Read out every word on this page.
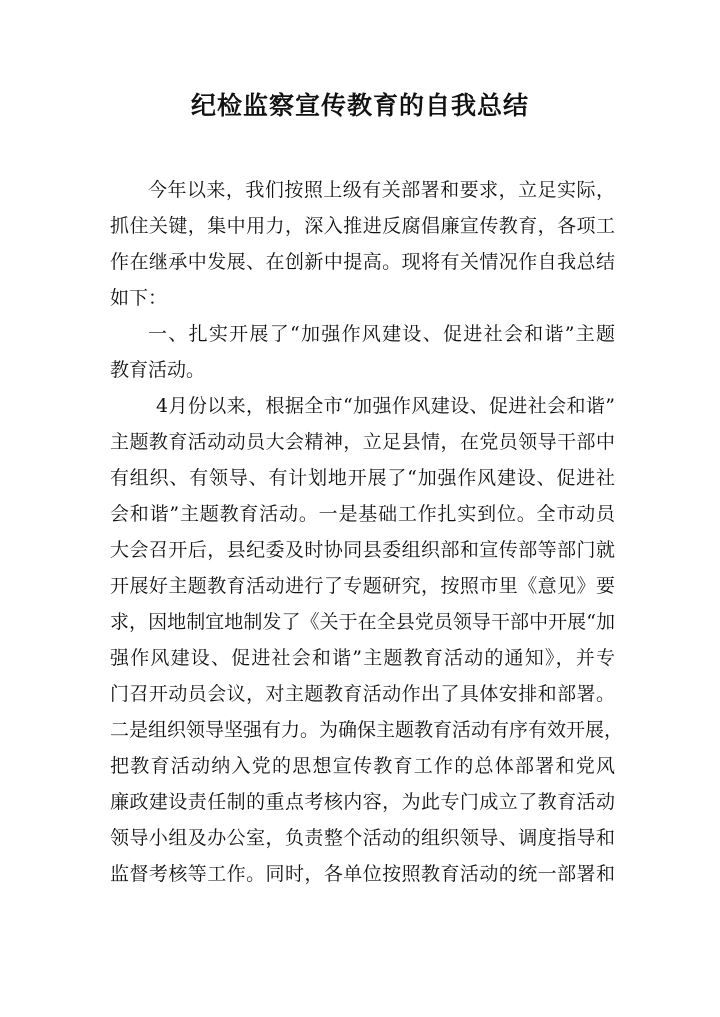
纪检监察宣传教育的自我总结
今年以来，我们按照上级有关部署和要求，立足实际，
抓住关键，集中用力，深入推进反腐倡廉宣传教育，各项工
作在继承中发展、在创新中提高。现将有关情况作自我总结
如下：
一、扎实开展了“加强作风建设、促进社会和谐”主题
教育活动。
4月份以来，根据全市“加强作风建设、促进社会和谐”
主题教育活动动员大会精神，立足县情，在党员领导干部中
有组织、有领导、有计划地开展了“加强作风建设、促进社
会和谐”主题教育活动。一是基础工作扎实到位。全市动员
大会召开后，县纪委及时协同县委组织部和宣传部等部门就
开展好主题教育活动进行了专题研究，按照市里《意见》要
求，因地制宜地制发了《关于在全县党员领导干部中开展“加
强作风建设、促进社会和谐”主题教育活动的通知》，并专
门召开动员会议，对主题教育活动作出了具体安排和部署。
二是组织领导坚强有力。为确保主题教育活动有序有效开展，
把教育活动纳入党的思想宣传教育工作的总体部署和党风
廉政建设责任制的重点考核内容，为此专门成立了教育活动
领导小组及办公室，负责整个活动的组织领导、调度指导和
监督考核等工作。同时，各单位按照教育活动的统一部署和
